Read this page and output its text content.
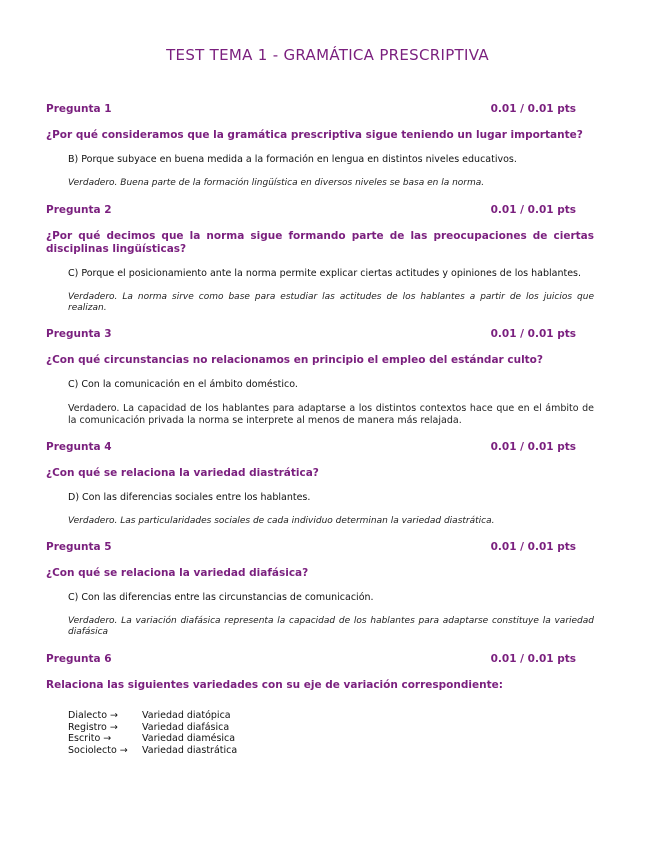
TEST TEMA 1 - GRAMÁTICA PRESCRIPTIVA
Pregunta 1	0.01 / 0.01 pts
¿Por qué consideramos que la gramática prescriptiva sigue teniendo un lugar importante?
B) Porque subyace en buena medida a la formación en lengua en distintos niveles educativos.
Verdadero. Buena parte de la formación lingüística en diversos niveles se basa en la norma.
Pregunta 2	0.01 / 0.01 pts
¿Por qué decimos que la norma sigue formando parte de las preocupaciones de ciertas disciplinas lingüísticas?
C) Porque el posicionamiento ante la norma permite explicar ciertas actitudes y opiniones de los hablantes.
Verdadero. La norma sirve como base para estudiar las actitudes de los hablantes a partir de los juicios que realizan.
Pregunta 3	0.01 / 0.01 pts
¿Con qué circunstancias no relacionamos en principio el empleo del estándar culto?
C) Con la comunicación en el ámbito doméstico.
Verdadero. La capacidad de los hablantes para adaptarse a los distintos contextos hace que en el ámbito de la comunicación privada la norma se interprete al menos de manera más relajada.
Pregunta 4	0.01 / 0.01 pts
¿Con qué se relaciona la variedad diastrática?
D) Con las diferencias sociales entre los hablantes.
Verdadero. Las particularidades sociales de cada individuo determinan la variedad diastrática.
Pregunta 5	0.01 / 0.01 pts
¿Con qué se relaciona la variedad diafásica?
C) Con las diferencias entre las circunstancias de comunicación.
Verdadero. La variación diafásica representa la capacidad de los hablantes para adaptarse constituye la variedad diafásica
Pregunta 6	0.01 / 0.01 pts
Relaciona las siguientes variedades con su eje de variación correspondiente:
Dialecto →	Variedad diatópica
Registro →	Variedad diafásica
Escrito →	Variedad diamésica
Sociolecto →	Variedad diastrática
